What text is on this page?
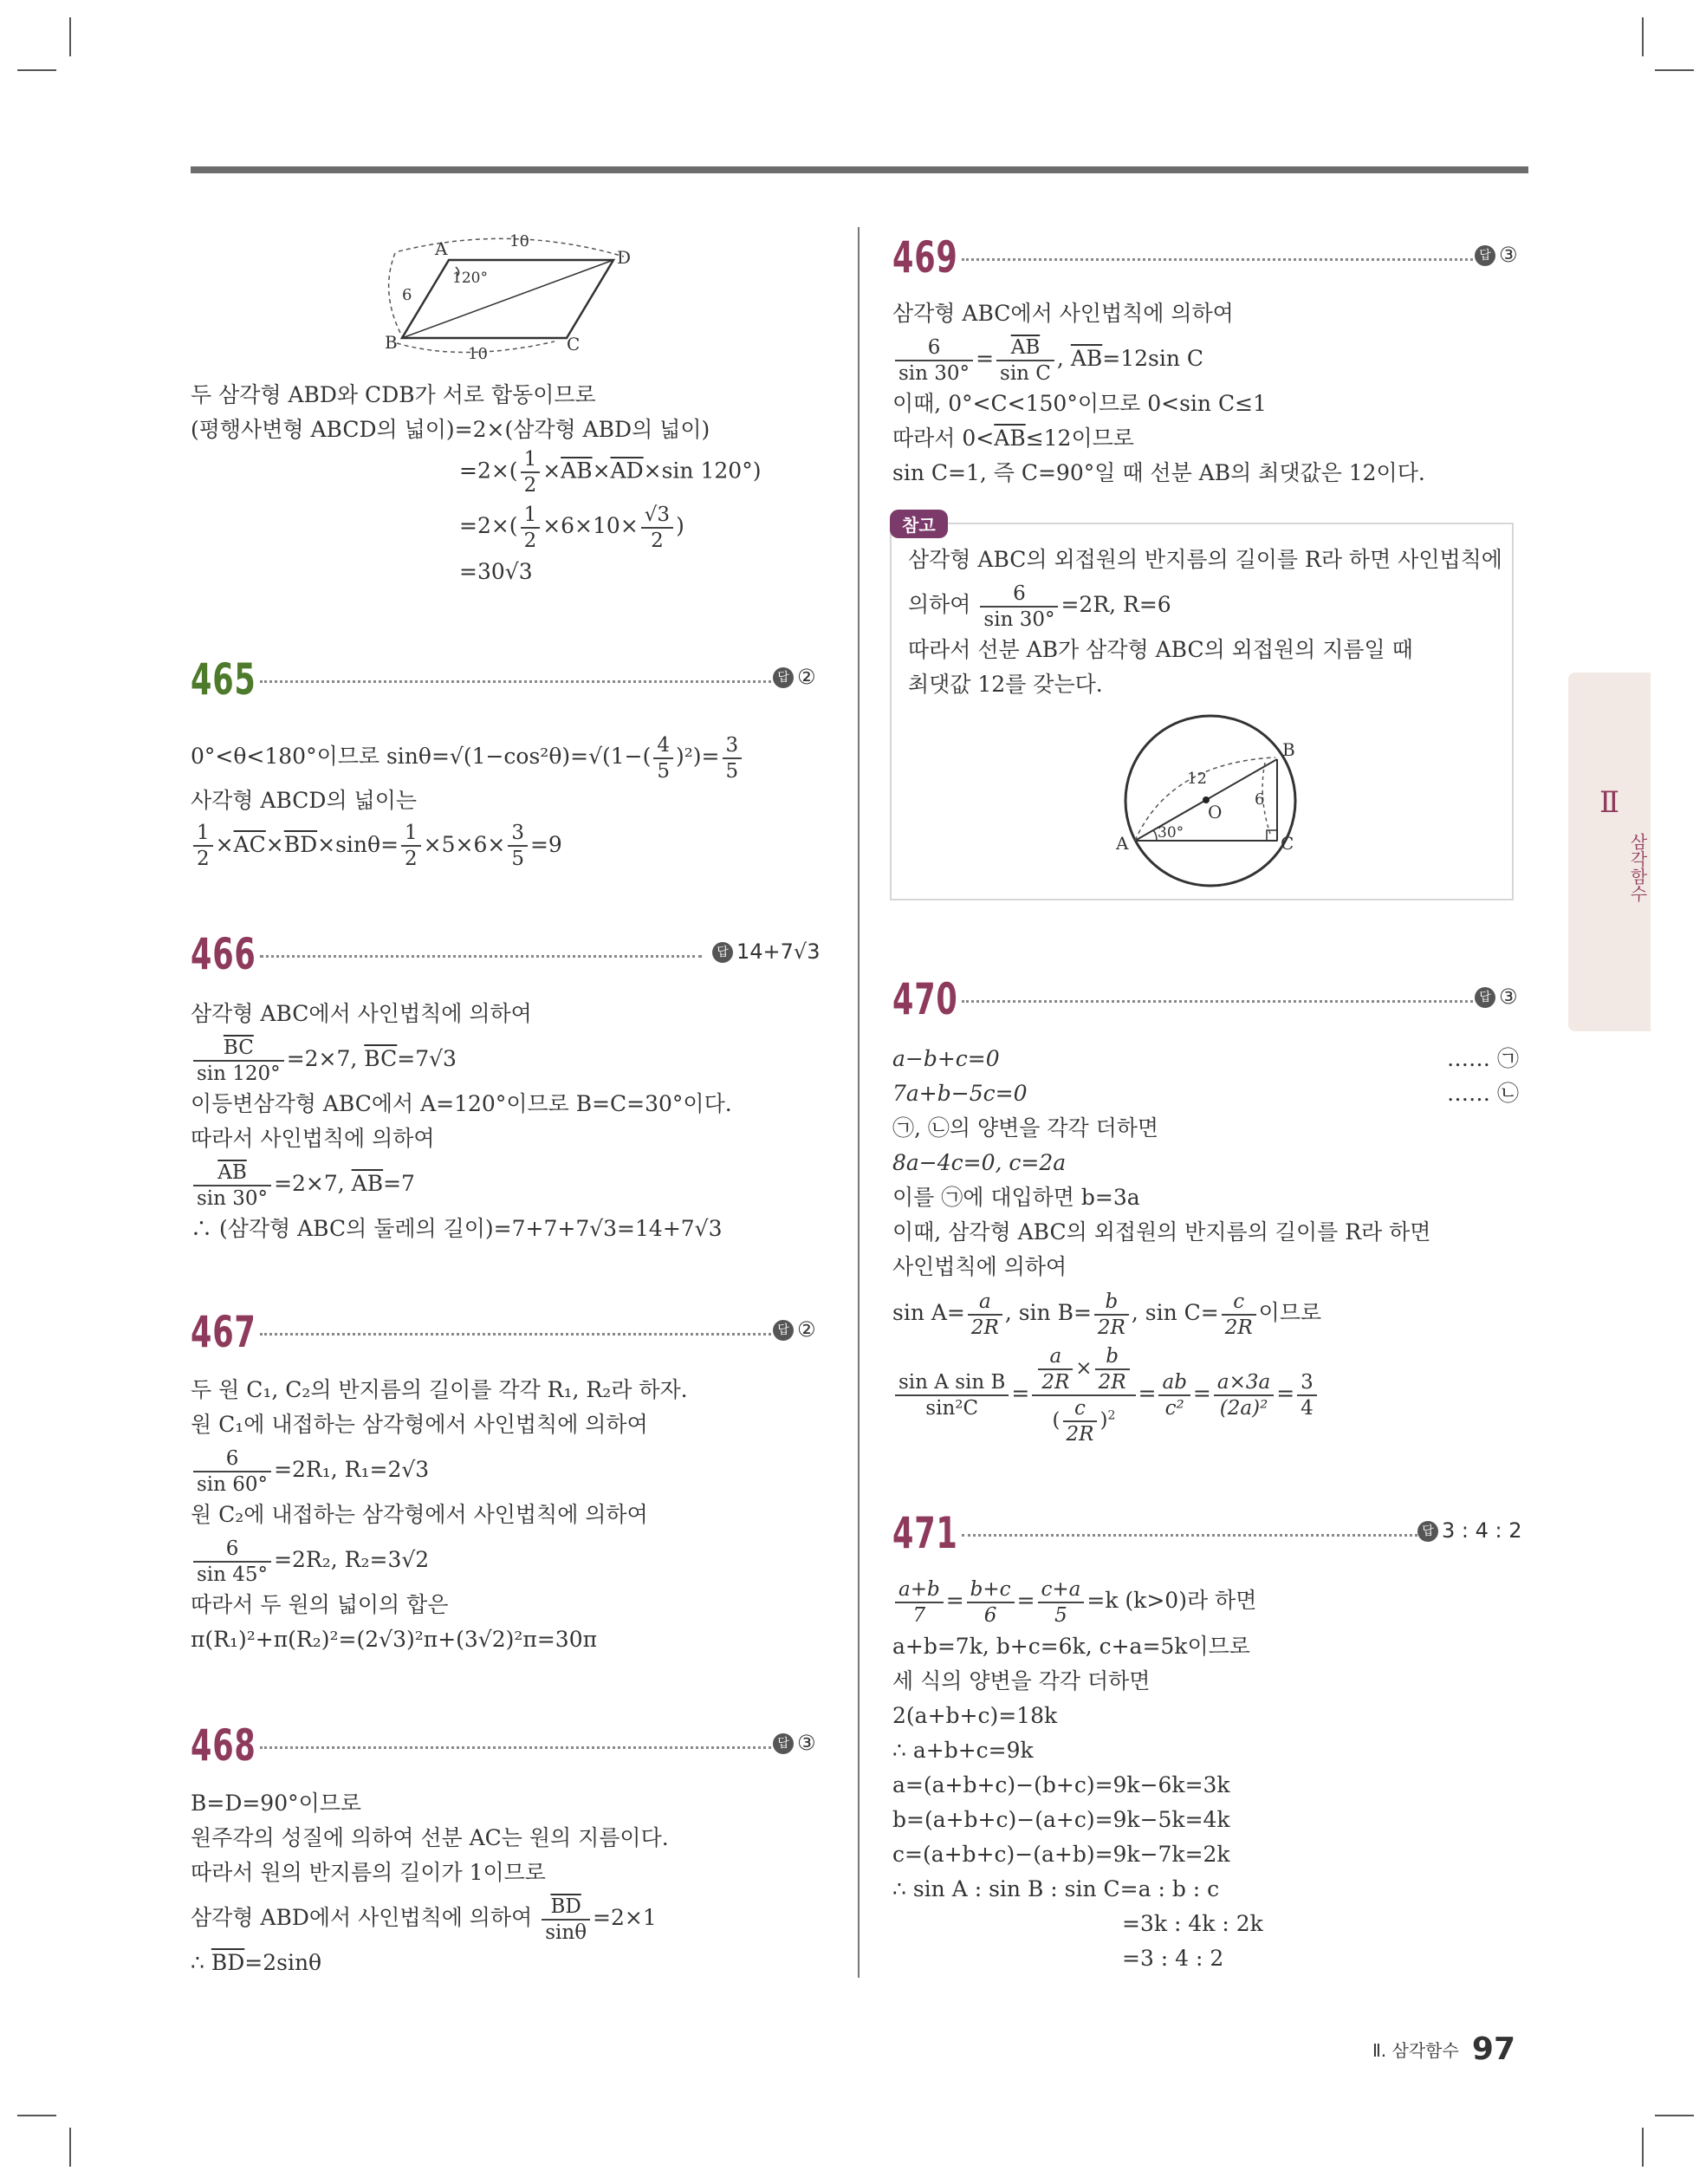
A	D
B	C
10
10
6
120°
두 삼각형 ABD와 CDB가 서로 합동이므로
(평행사변형 ABCD의 넓이)=2×(삼각형 ABD의 넓이)
$=2\times( \frac{1}{2} \times\overline{AB}\times\overline{AD}\times\sin$ 120°)
$=2\times( \frac{1}{2} \times 6\times 10\times \frac{√3}{2}$ )
=30√3
465	답 ②
0°<θ<180°이므로 $\sin\theta=√(1-\cos^2\theta)=√(1-( \frac{4}{5} )^2)= \frac{3}{5}$
사각형 ABCD의 넓이는
$\frac{1}{2} \times\overline{AC}\times\overline{BD}\times\sin\theta= \frac{1}{2} \times 5\times 6\times \frac{3}{5} =9$
466	답 14+7√3
삼각형 ABC에서 사인법칙에 의하여
$\frac{\overline{BC}}{\sin 120^\circ} =2\times 7$, $\overline{BC}=7√3$
이등변삼각형 ABC에서 A=120°이므로 B=C=30°이다.
따라서 사인법칙에 의하여
$\frac{\overline{AB}}{\sin 30^\circ} =2\times 7$, $\overline{AB}=7$
∴ (삼각형 ABC의 둘레의 길이)=7+7+7√3=14+7√3
467	답 ②
두 원 C₁, C₂의 반지름의 길이를 각각 R₁, R₂라 하자.
원 C₁에 내접하는 삼각형에서 사인법칙에 의하여
$\frac{6}{\sin 60^\circ} =2R_1$, R₁=2√3
원 C₂에 내접하는 삼각형에서 사인법칙에 의하여
$\frac{6}{\sin 45^\circ} =2R_2$, R₂=3√2
따라서 두 원의 넓이의 합은
π(R₁)²+π(R₂)²=(2√3)²π+(3√2)²π=30π
468	답 ③
B=D=90°이므로
원주각의 성질에 의하여 선분 AC는 원의 지름이다.
따라서 원의 반지름의 길이가 1이므로
삼각형 ABD에서 사인법칙에 의하여 $\frac{\overline{BD}}{\sin\theta} =2\times 1$
∴ $\overline{BD}=2\sin\theta$
469	답 ③
삼각형 ABC에서 사인법칙에 의하여
$\frac{6}{\sin 30^\circ} = \frac{\overline{AB}}{\text{sin C}}$ , $\overline{AB}=12\sin$ C
이때, 0°<C<150°이므로 0<sin C≤1
따라서 $0<\overline{AB}\le 12$이므로
sin C=1, 즉 C=90°일 때 선분 AB의 최댓값은 12이다.
참고
삼각형 ABC의 외접원의 반지름의 길이를 R라 하면 사인법칙에
의하여 $\frac{6}{\sin 30^\circ} =2R$, R=6
따라서 선분 AB가 삼각형 ABC의 외접원의 지름일 때
최댓값 12를 갖는다.
A
B
C
O
12
6
30°
470	답 ③
a−b+c=0	…… ㉠
7a+b−5c=0	…… ㉡
㉠, ㉡의 양변을 각각 더하면
8a−4c=0, c=2a
이를 ㉠에 대입하면 b=3a
이때, 삼각형 ABC의 외접원의 반지름의 길이를 R라 하면
사인법칙에 의하여
$\sin A= \frac{a}{2R}$ , $\sin B= \frac{b}{2R}$ , $\sin C= \frac{c}{2R}$ 이므로
$\frac{\text{sin A sin B}}{\text{sin²C}} = \frac{\frac{a}{2R} \times \frac{b}{2R}}{( \frac{c}{2R} )^2} = \frac{ab}{\text{c²}} = \frac{a\times 3a}{\text{(2a)²}} = \frac{3}{4}$
471	답 3 : 4 : 2
$\frac{a+b}{7} = \frac{b+c}{6} = \frac{c+a}{5} =k$ (k>0)라 하면
a+b=7k, b+c=6k, c+a=5k이므로
세 식의 양변을 각각 더하면
2(a+b+c)=18k
∴ a+b+c=9k
a=(a+b+c)−(b+c)=9k−6k=3k
b=(a+b+c)−(a+c)=9k−5k=4k
c=(a+b+c)−(a+b)=9k−7k=2k
∴ sin A : sin B : sin C=a : b : c
=3k : 4k : 2k
=3 : 4 : 2
Ⅱ
삼각함수
Ⅱ. 삼각함수 97
